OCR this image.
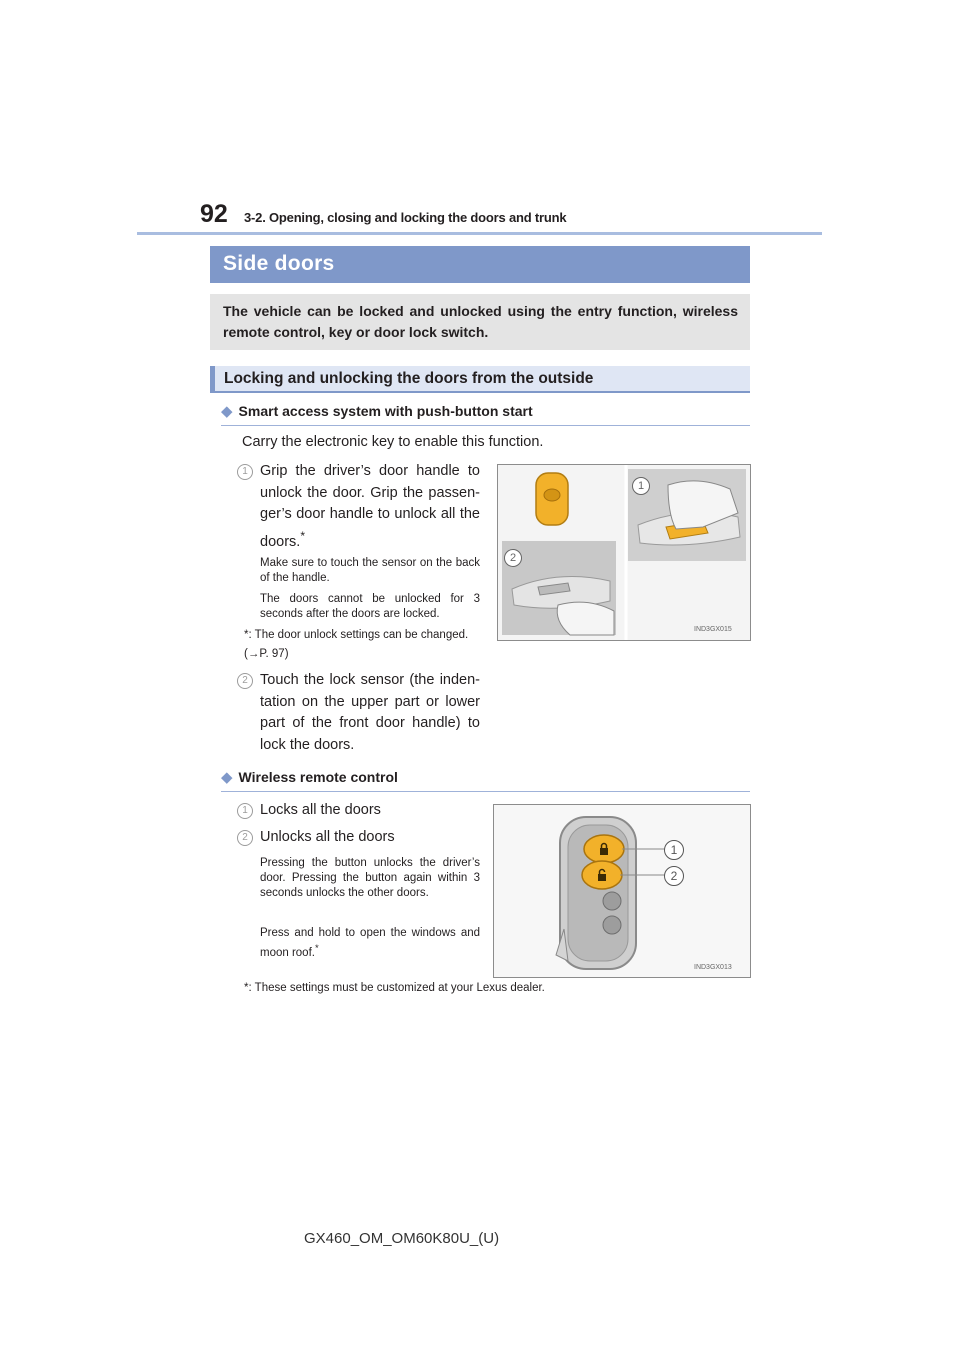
92 3-2. Opening, closing and locking the doors and trunk
Side doors
The vehicle can be locked and unlocked using the entry function, wireless remote control, key or door lock switch.
Locking and unlocking the doors from the outside
◆ Smart access system with push-button start
Carry the electronic key to enable this function.
1 Grip the driver’s door handle to unlock the door. Grip the passen-ger’s door handle to unlock all the doors.*
Make sure to touch the sensor on the back of the handle.
The doors cannot be unlocked for 3 seconds after the doors are locked.
*: The door unlock settings can be changed. (→P. 97)
2 Touch the lock sensor (the inden-tation on the upper part or lower part of the front door handle) to lock the doors.
1
2
IND3GX015
◆ Wireless remote control
1 Locks all the doors
2 Unlocks all the doors
Pressing the button unlocks the driver’s door. Pressing the button again within 3 seconds unlocks the other doors.
Press and hold to open the windows and moon roof.*
1
2
IND3GX013
*: These settings must be customized at your Lexus dealer.
GX460_OM_OM60K80U_(U)
